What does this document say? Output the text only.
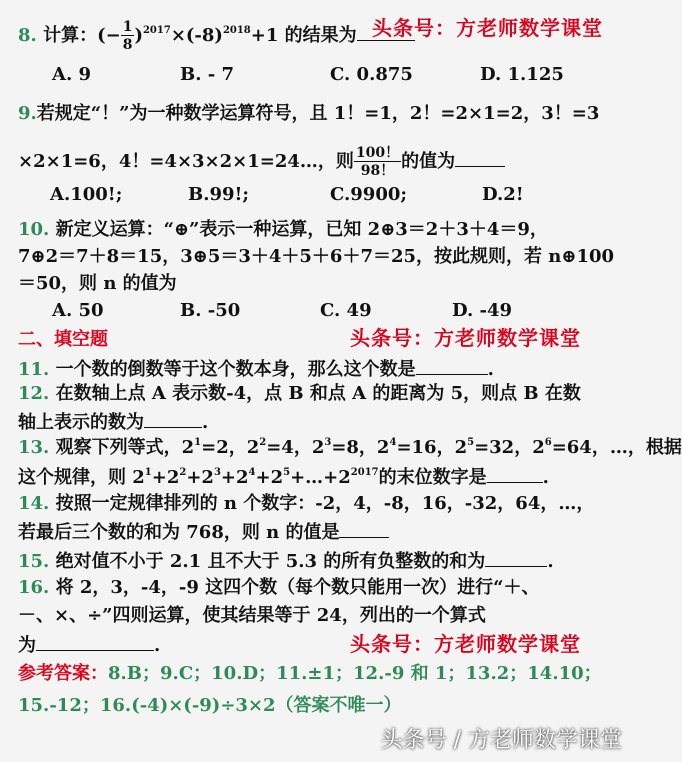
8. 计算：(− $\frac{1}{8} )^{2017}\times(-8)^{2018}+1$ 的结果为 头条号：方老师数学课堂
A. 9	B. - 7	C. 0.875	D. 1.125
9.若规定“！”为一种数学运算符号，且 1！=1，2！=2×1=2，3！=3
×2×1=6，4！=4×3×2×1=24…，则 $\frac{100!}{98!}$ 的值为
A.100!;	B.99!;	C.9900;	D.2!
10. 新定义运算：“⊕”表示一种运算，已知 2⊕3＝2＋3＋4＝9，
7⊕2＝7＋8＝15，3⊕5＝3＋4＋5＋6＋7＝25，按此规则，若 n⊕100
＝50，则 n 的值为
A. 50	B. -50	C. 49	D. -49
二、填空题	头条号：方老师数学课堂
11. 一个数的倒数等于这个数本身，那么这个数是	.
12. 在数轴上点 A 表示数-4，点 B 和点 A 的距离为 5，则点 B 在数
轴上表示的数为	.
13. 观察下列等式，$2^1=2$，$2^2=4$，$2^3=8$，$2^4=16$，$2^5=32$，$2^6=64$，…，根据
这个规律，则 $2^1+2^2+2^3+2^4+2^5+\dots+2^{2017}$的末位数字是	.
14. 按照一定规律排列的 n 个数字：-2，4，-8，16，-32，64，…，
若最后三个数的和为 768，则 n 的值是
15. 绝对值不小于 2.1 且不大于 5.3 的所有负整数的和为	.
16. 将 2，3，-4，-9 这四个数（每个数只能用一次）进行“＋、
－、×、÷”四则运算，使其结果等于 24，列出的一个算式
为	.	头条号：方老师数学课堂
参考答案：8.B；9.C；10.D；11.±1；12.-9 和 1；13.2；14.10；
15.-12；16.(-4)×(-9)÷3×2（答案不唯一）
头条号 / 方老师数学课堂
